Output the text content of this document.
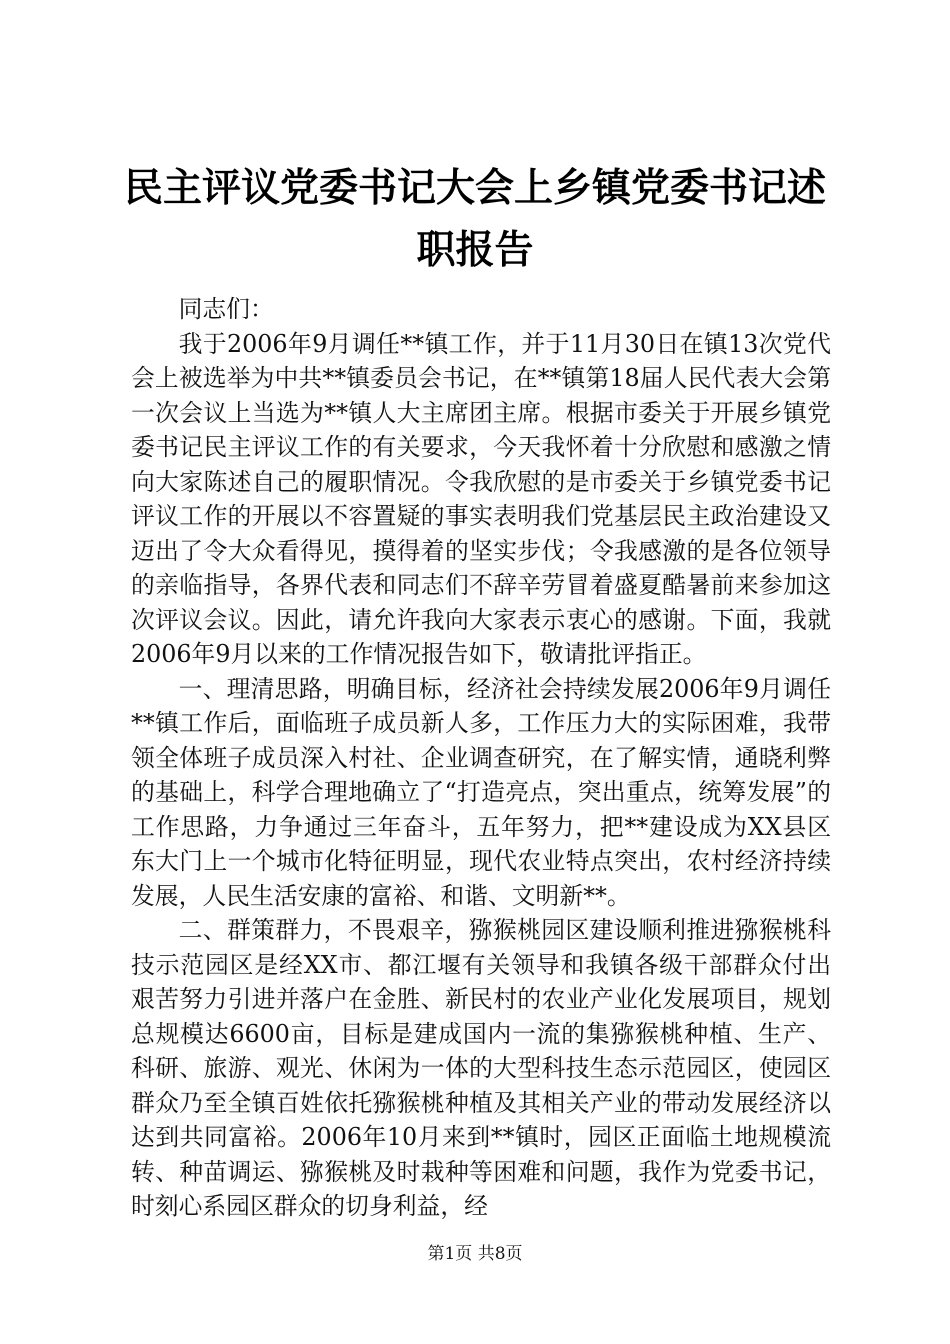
民主评议党委书记大会上乡镇党委书记述职报告

同志们：

我于2006年9月调任**镇工作，并于11月30日在镇13次党代会上被选举为中共**镇委员会书记，在**镇第18届人民代表大会第一次会议上当选为**镇人大主席团主席。根据市委关于开展乡镇党委书记民主评议工作的有关要求，今天我怀着十分欣慰和感激之情向大家陈述自己的履职情况。令我欣慰的是市委关于乡镇党委书记评议工作的开展以不容置疑的事实表明我们党基层民主政治建设又迈出了令大众看得见，摸得着的坚实步伐；令我感激的是各位领导的亲临指导，各界代表和同志们不辞辛劳冒着盛夏酷暑前来参加这次评议会议。因此，请允许我向大家表示衷心的感谢。下面，我就2006年9月以来的工作情况报告如下，敬请批评指正。

一、理清思路，明确目标，经济社会持续发展2006年9月调任**镇工作后，面临班子成员新人多，工作压力大的实际困难，我带领全体班子成员深入村社、企业调查研究，在了解实情，通晓利弊的基础上，科学合理地确立了“打造亮点，突出重点，统筹发展”的工作思路，力争通过三年奋斗，五年努力，把**建设成为XX县区东大门上一个城市化特征明显，现代农业特点突出，农村经济持续发展，人民生活安康的富裕、和谐、文明新**。

二、群策群力，不畏艰辛，猕猴桃园区建设顺利推进猕猴桃科技示范园区是经XX市、都江堰有关领导和我镇各级干部群众付出艰苦努力引进并落户在金胜、新民村的农业产业化发展项目，规划总规模达6600亩，目标是建成国内一流的集猕猴桃种植、生产、科研、旅游、观光、休闲为一体的大型科技生态示范园区，使园区群众乃至全镇百姓依托猕猴桃种植及其相关产业的带动发展经济以达到共同富裕。2006年10月来到**镇时，园区正面临土地规模流转、种苗调运、猕猴桃及时栽种等困难和问题，我作为党委书记，时刻心系园区群众的切身利益，经

第1页 共8页
